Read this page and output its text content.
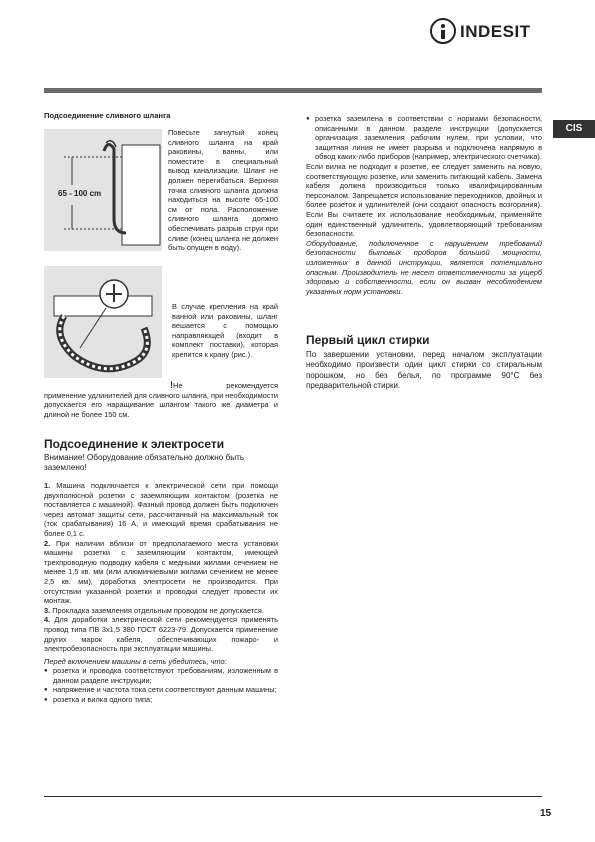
INDESIT
CIS
Подсоединение сливного шланга
65 - 100 cm
Повесьте загнутый конец сливного шланга на край раковины, ванны, или поместите в специальный вывод канализации. Шланг не должен перегибаться. Верхняя точка сливного шланга должна находиться на высоте 65-100 см от пола. Расположение сливного шланга должно обеспечивать разрыв струи при сливе (конец шланга не должен быть опущен в воду).
В случае крепления на край ванной или раковины, шланг вешается с помощью направляющей (входит в комплект поставки), которая крепится к крану (рис.).
!Не рекомендуется применение удлинителей для сливного шланга, при необходимости допускается его наращивание шлангом такого же диаметра и длиной не более 150 см.
Подсоединение к электросети
Внимание! Оборудование обязательно должно быть заземлено!

1. Машина подключается к электрической сети при помощи двухполюсной розетки с заземляющим контактом (розетка не поставляется с машиной). Фазный провод должен быть подключен через автомат защиты сети, рассчитанный на максимальный ток (ток срабатывания) 16 А, и имеющий время срабатывания не более 0,1 с.

2. При наличии вблизи от предполагаемого места установки машины розетки с заземляющим контактом, имеющей трехпроводную подводку кабеля с медными жилами сечением не менее 1,5 кв. мм (или алюминиевыми жилами сечением не менее 2,5 кв. мм), доработка электросети не производится. При отсутствии указанной розетки и проводки следует провести их монтаж.

3. Прокладка заземления отдельным проводом не допускается.

4. Для доработки электрической сети рекомендуется применять провод типа ПВ 3х1,5 380 ГОСТ 6223-79. Допускается применение других марок кабеля, обеспечивающих пожаро- и электробезопасность при эксплуатации машины.

Перед включением машины в сеть убедитесь, что:

● розетка и проводка соответствуют требованиям, изложенным в данном разделе инструкции;
● напряжение и частота тока сети соответствуют данным машины;
● розетка и вилка одного типа;
● розетка заземлена в соответствии с нормами безопасности, описанными в данном разделе инструкции (допускается организация заземления рабочим нулем, при условии, что защитная линия не имеет разрыва и подключена напрямую в обвод каких-либо приборов (например, электрического счетчика).

Если вилка не подходит к розетке, ее следует заменить на новую, соответствующую розетке, или заменить питающий кабель. Замена кабеля должна производиться только квалифицированным персоналом. Запрещается использование переходников, двойных и более розеток и удлинителей (они создают опасность возгорания). Если Вы считаете их использование необходимым, применяйте один единственный удлинитель, удовлетворяющий требованиям безопасности.

Оборудование, подключенное с нарушением требований безопасности бытовых приборов большой мощности, изложенных в данной инструкции, является потенциально опасным. Производитель не несет ответственности за ущерб здоровью и собственности, если он вызван несоблюдением указанных норм установки.

Первый цикл стирки
По завершении установки, перед началом эксплуатации необходимо произвести один цикл стирки со стиральным порошком, но без белья, по программе 90°С без предварительной стирки.
15
